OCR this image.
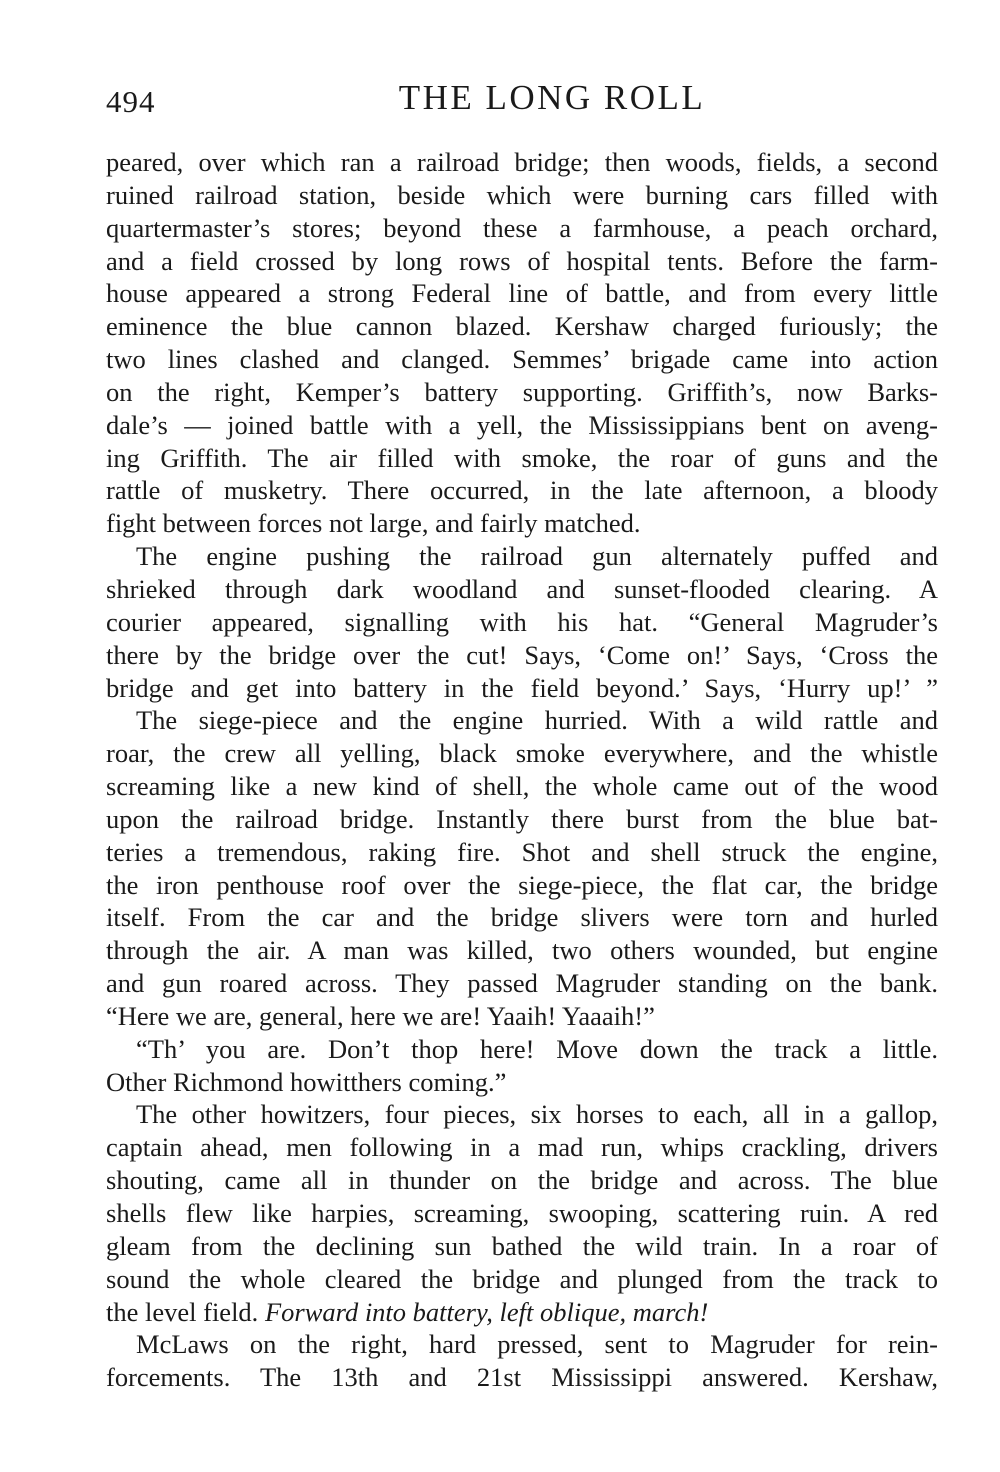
494	THE LONG ROLL
peared, over which ran a railroad bridge; then woods, fields, a second
ruined railroad station, beside which were burning cars filled with
quartermaster’s stores; beyond these a farmhouse, a peach orchard,
and a field crossed by long rows of hospital tents. Before the farm-
house appeared a strong Federal line of battle, and from every little
eminence the blue cannon blazed. Kershaw charged furiously; the
two lines clashed and clanged. Semmes’ brigade came into action
on the right, Kemper’s battery supporting. Griffith’s, now Barks-
dale’s — joined battle with a yell, the Mississippians bent on aveng-
ing Griffith. The air filled with smoke, the roar of guns and the
rattle of musketry. There occurred, in the late afternoon, a bloody
fight between forces not large, and fairly matched.
The engine pushing the railroad gun alternately puffed and
shrieked through dark woodland and sunset-flooded clearing. A
courier appeared, signalling with his hat. “General Magruder’s
there by the bridge over the cut! Says, ‘Come on!’ Says, ‘Cross the
bridge and get into battery in the field beyond.’ Says, ‘Hurry up!’ ”
The siege-piece and the engine hurried. With a wild rattle and
roar, the crew all yelling, black smoke everywhere, and the whistle
screaming like a new kind of shell, the whole came out of the wood
upon the railroad bridge. Instantly there burst from the blue bat-
teries a tremendous, raking fire. Shot and shell struck the engine,
the iron penthouse roof over the siege-piece, the flat car, the bridge
itself. From the car and the bridge slivers were torn and hurled
through the air. A man was killed, two others wounded, but engine
and gun roared across. They passed Magruder standing on the bank.
“Here we are, general, here we are! Yaaih! Yaaaih!”
“Th’ you are. Don’t thop here! Move down the track a little.
Other Richmond howitthers coming.”
The other howitzers, four pieces, six horses to each, all in a gallop,
captain ahead, men following in a mad run, whips crackling, drivers
shouting, came all in thunder on the bridge and across. The blue
shells flew like harpies, screaming, swooping, scattering ruin. A red
gleam from the declining sun bathed the wild train. In a roar of
sound the whole cleared the bridge and plunged from the track to
the level field. Forward into battery, left oblique, march!
McLaws on the right, hard pressed, sent to Magruder for rein-
forcements. The 13th and 21st Mississippi answered. Kershaw,
